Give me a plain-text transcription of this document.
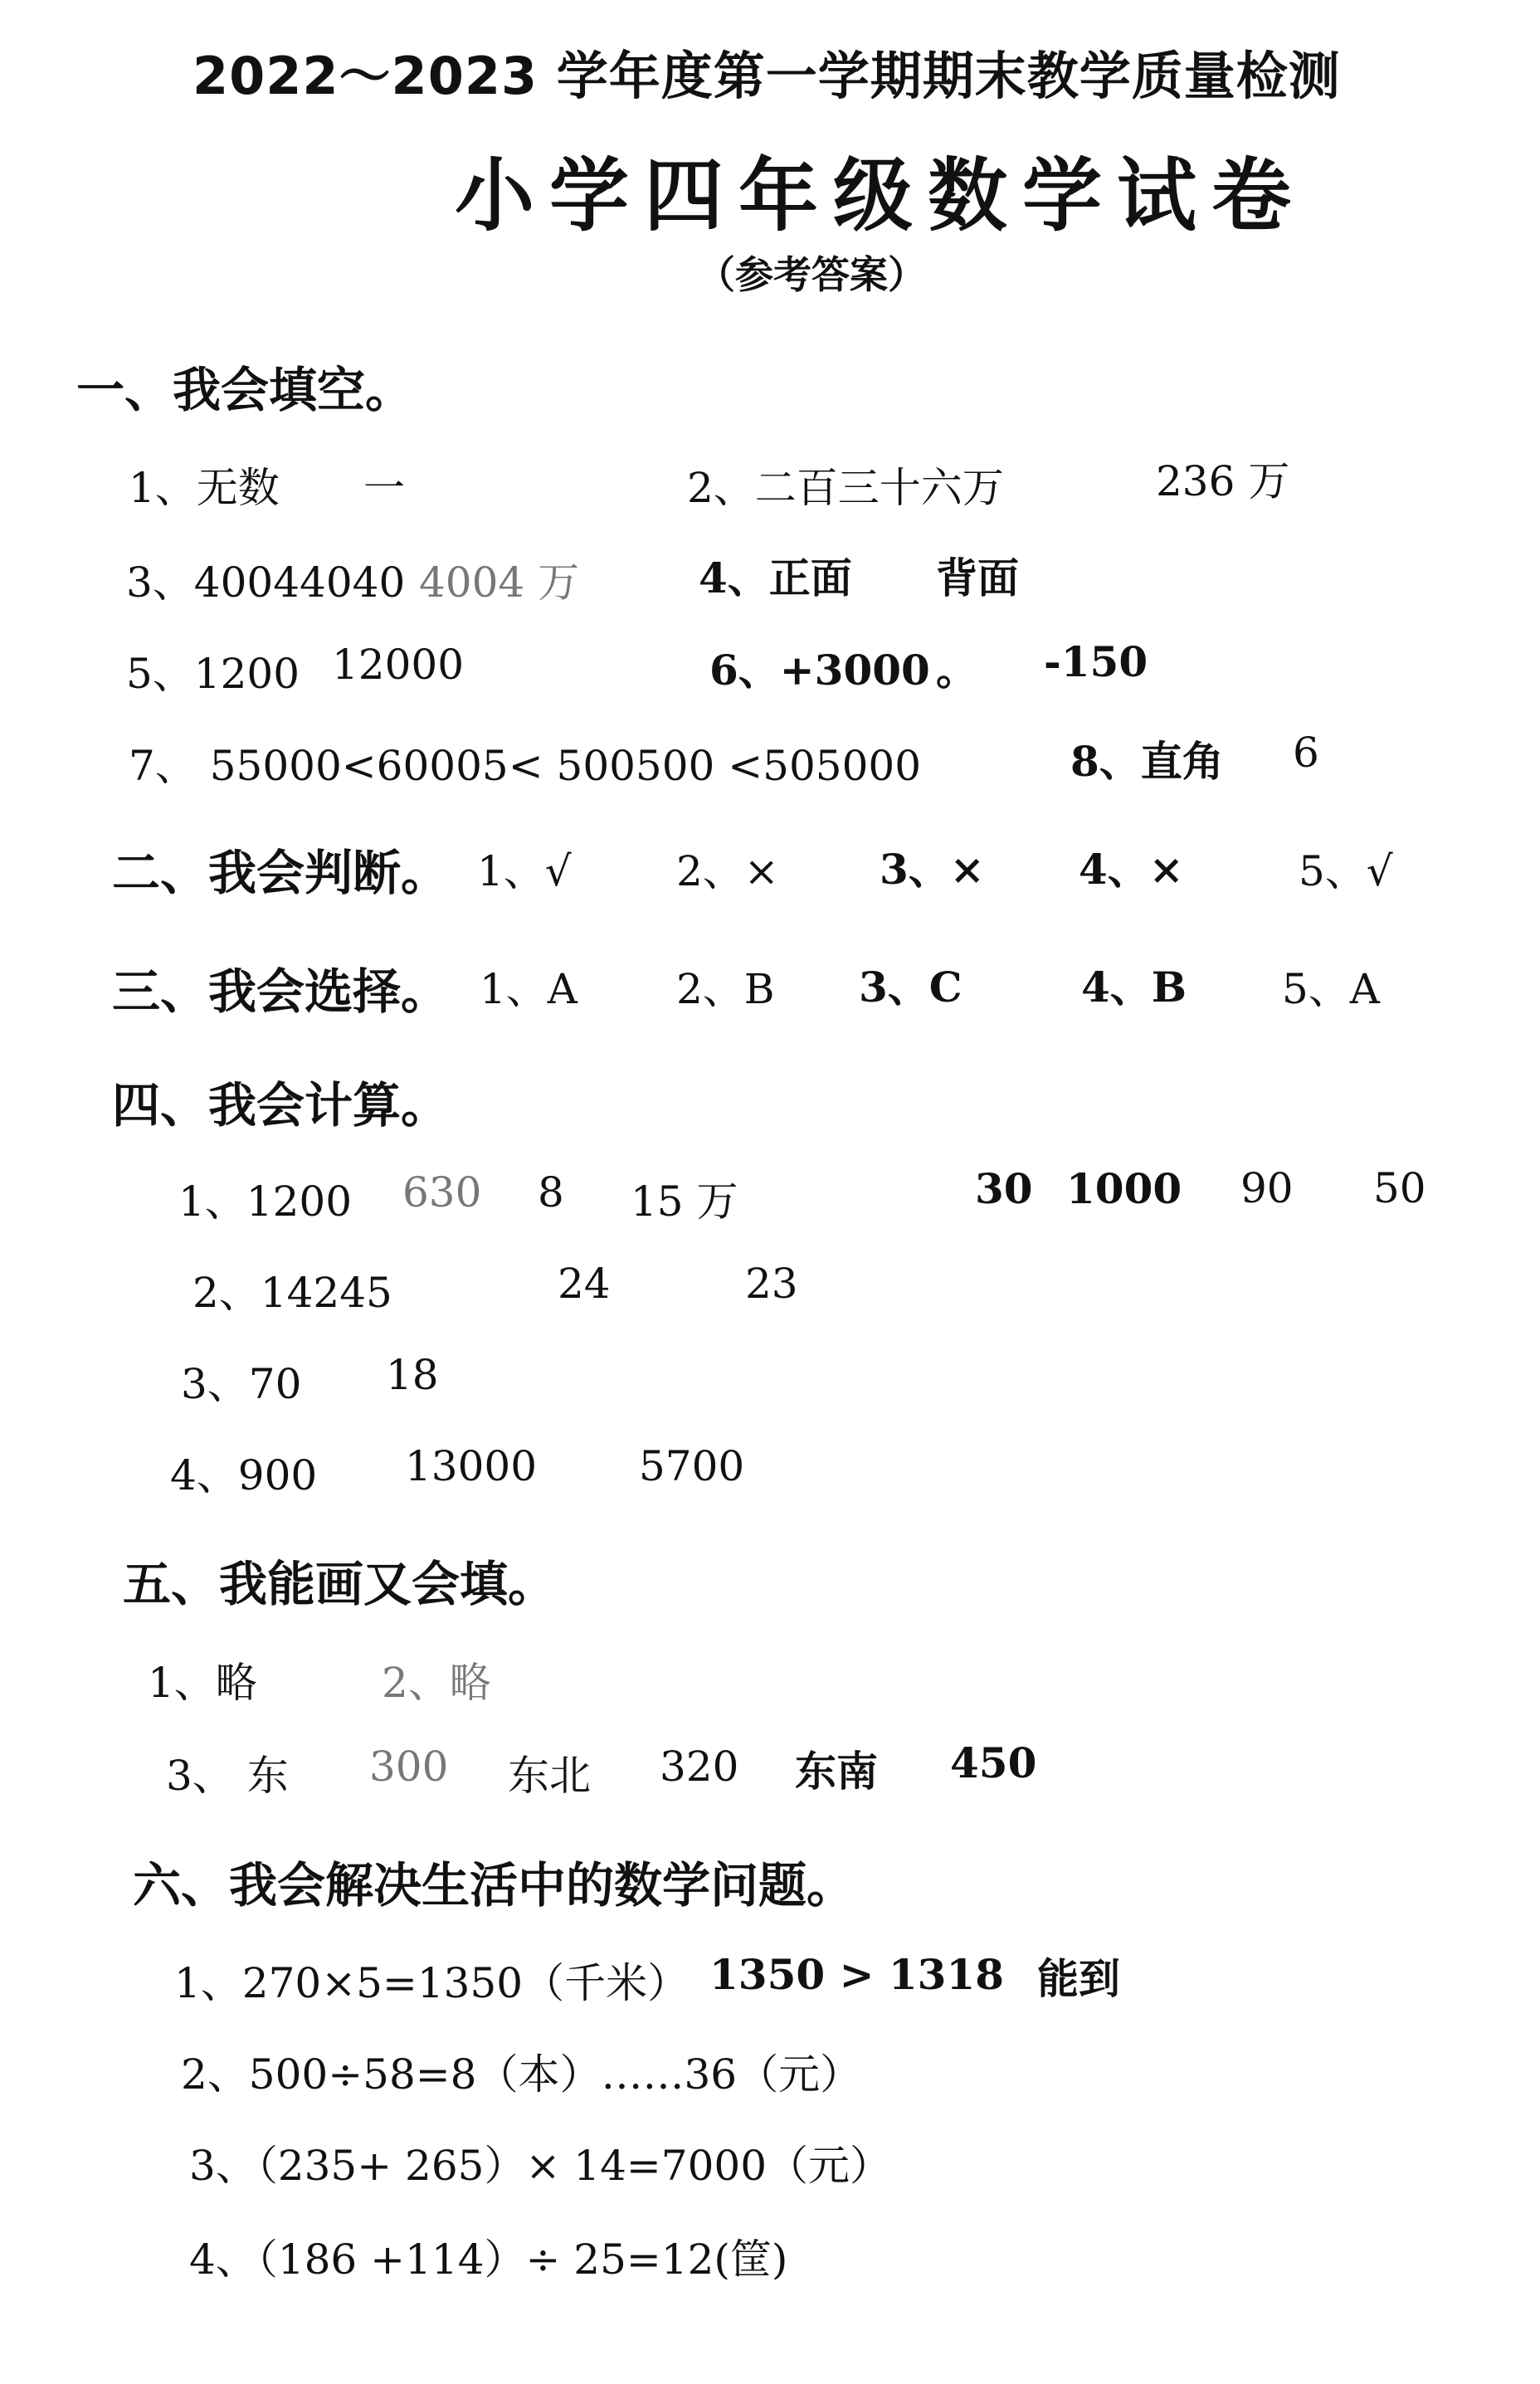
2022～2023 学年度第一学期期末教学质量检测
小学四年级数学试卷
（参考答案）
一、我会填空。
1、无数 一	2、二百三十六万	236 万
3、40044040 4004 万	4、正面 背面
5、1200 12000	6、+3000 。 -150
7、 55000<60005< 500500 <505000	8、直角 6
二、我会判断。 1、√	2、× 3、× 4、×	5、√
三、我会选择。 1、A 2、B 3、C	4、B 5、A
四、我会计算。
1、1200 630 8 15 万	30 1000 90 50
2、14245	24	23
3、70 18
4、900 13000 5700
五、我能画又会填。
1、略	2、略
3、 东 300 东北 320 东南 450
六、我会解决生活中的数学问题。
1、270×5=1350（千米） 1350 > 1318 能到
2、500÷58=8（本）……36（元）
3、（235+ 265）× 14=7000（元）
4、（186 +114）÷ 25=12(筐)
